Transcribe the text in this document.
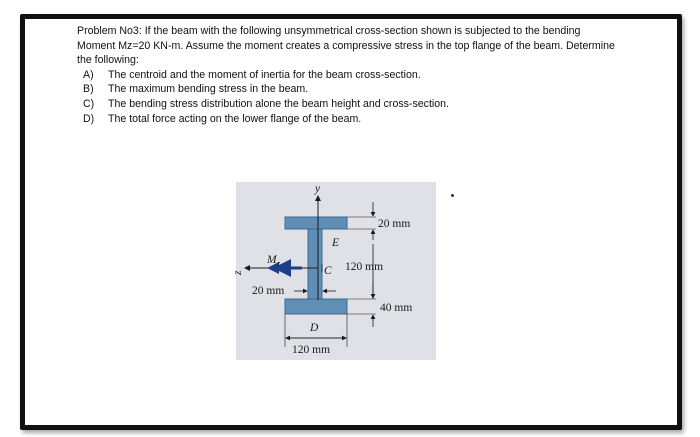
Problem No3: If the beam with the following unsymmetrical cross-section shown is subjected to the bending Moment Mz=20 KN-m. Assume the moment creates a compressive stress in the top flange of the beam. Determine the following:

A)	The centroid and the moment of inertia for the beam cross-section.
B)	The maximum bending stress in the beam.
C)	The bending stress distribution alone the beam height and cross-section.
D)	The total force acting on the lower flange of the beam.
y
z
M z
E
C
D
20 mm
120 mm
40 mm
20 mm
120 mm
